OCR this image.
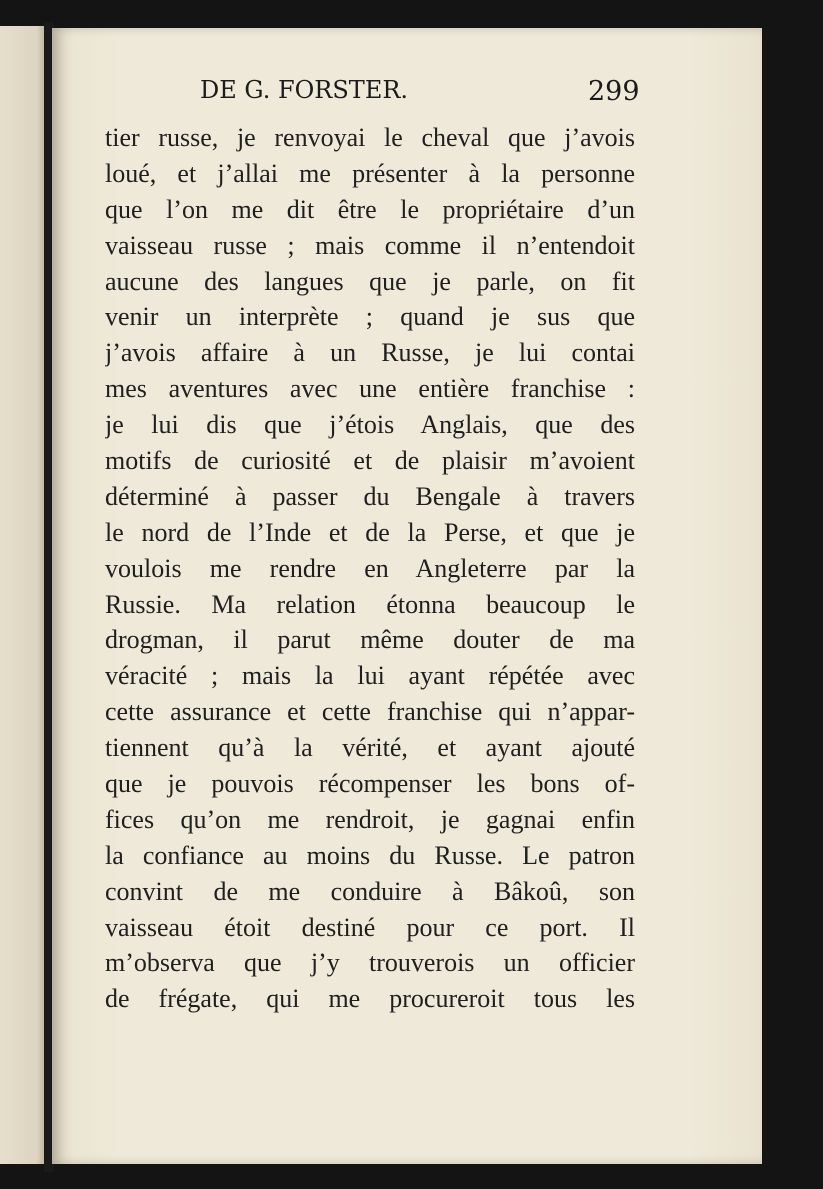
DE G. FORSTER.	299
tier russe, je renvoyai le cheval que j’avois
loué, et j’allai me présenter à la personne
que l’on me dit être le propriétaire d’un
vaisseau russe ; mais comme il n’entendoit
aucune des langues que je parle, on fit
venir un interprète ; quand je sus que
j’avois affaire à un Russe, je lui contai
mes aventures avec une entière franchise :
je lui dis que j’étois Anglais, que des
motifs de curiosité et de plaisir m’avoient
déterminé à passer du Bengale à travers
le nord de l’Inde et de la Perse, et que je
voulois me rendre en Angleterre par la
Russie. Ma relation étonna beaucoup le
drogman, il parut même douter de ma
véracité ; mais la lui ayant répétée avec
cette assurance et cette franchise qui n’appar-
tiennent qu’à la vérité, et ayant ajouté
que je pouvois récompenser les bons of-
fices qu’on me rendroit, je gagnai enfin
la confiance au moins du Russe. Le patron
convint de me conduire à Bâkoû, son
vaisseau étoit destiné pour ce port. Il
m’observa que j’y trouverois un officier
de frégate, qui me procureroit tous les
